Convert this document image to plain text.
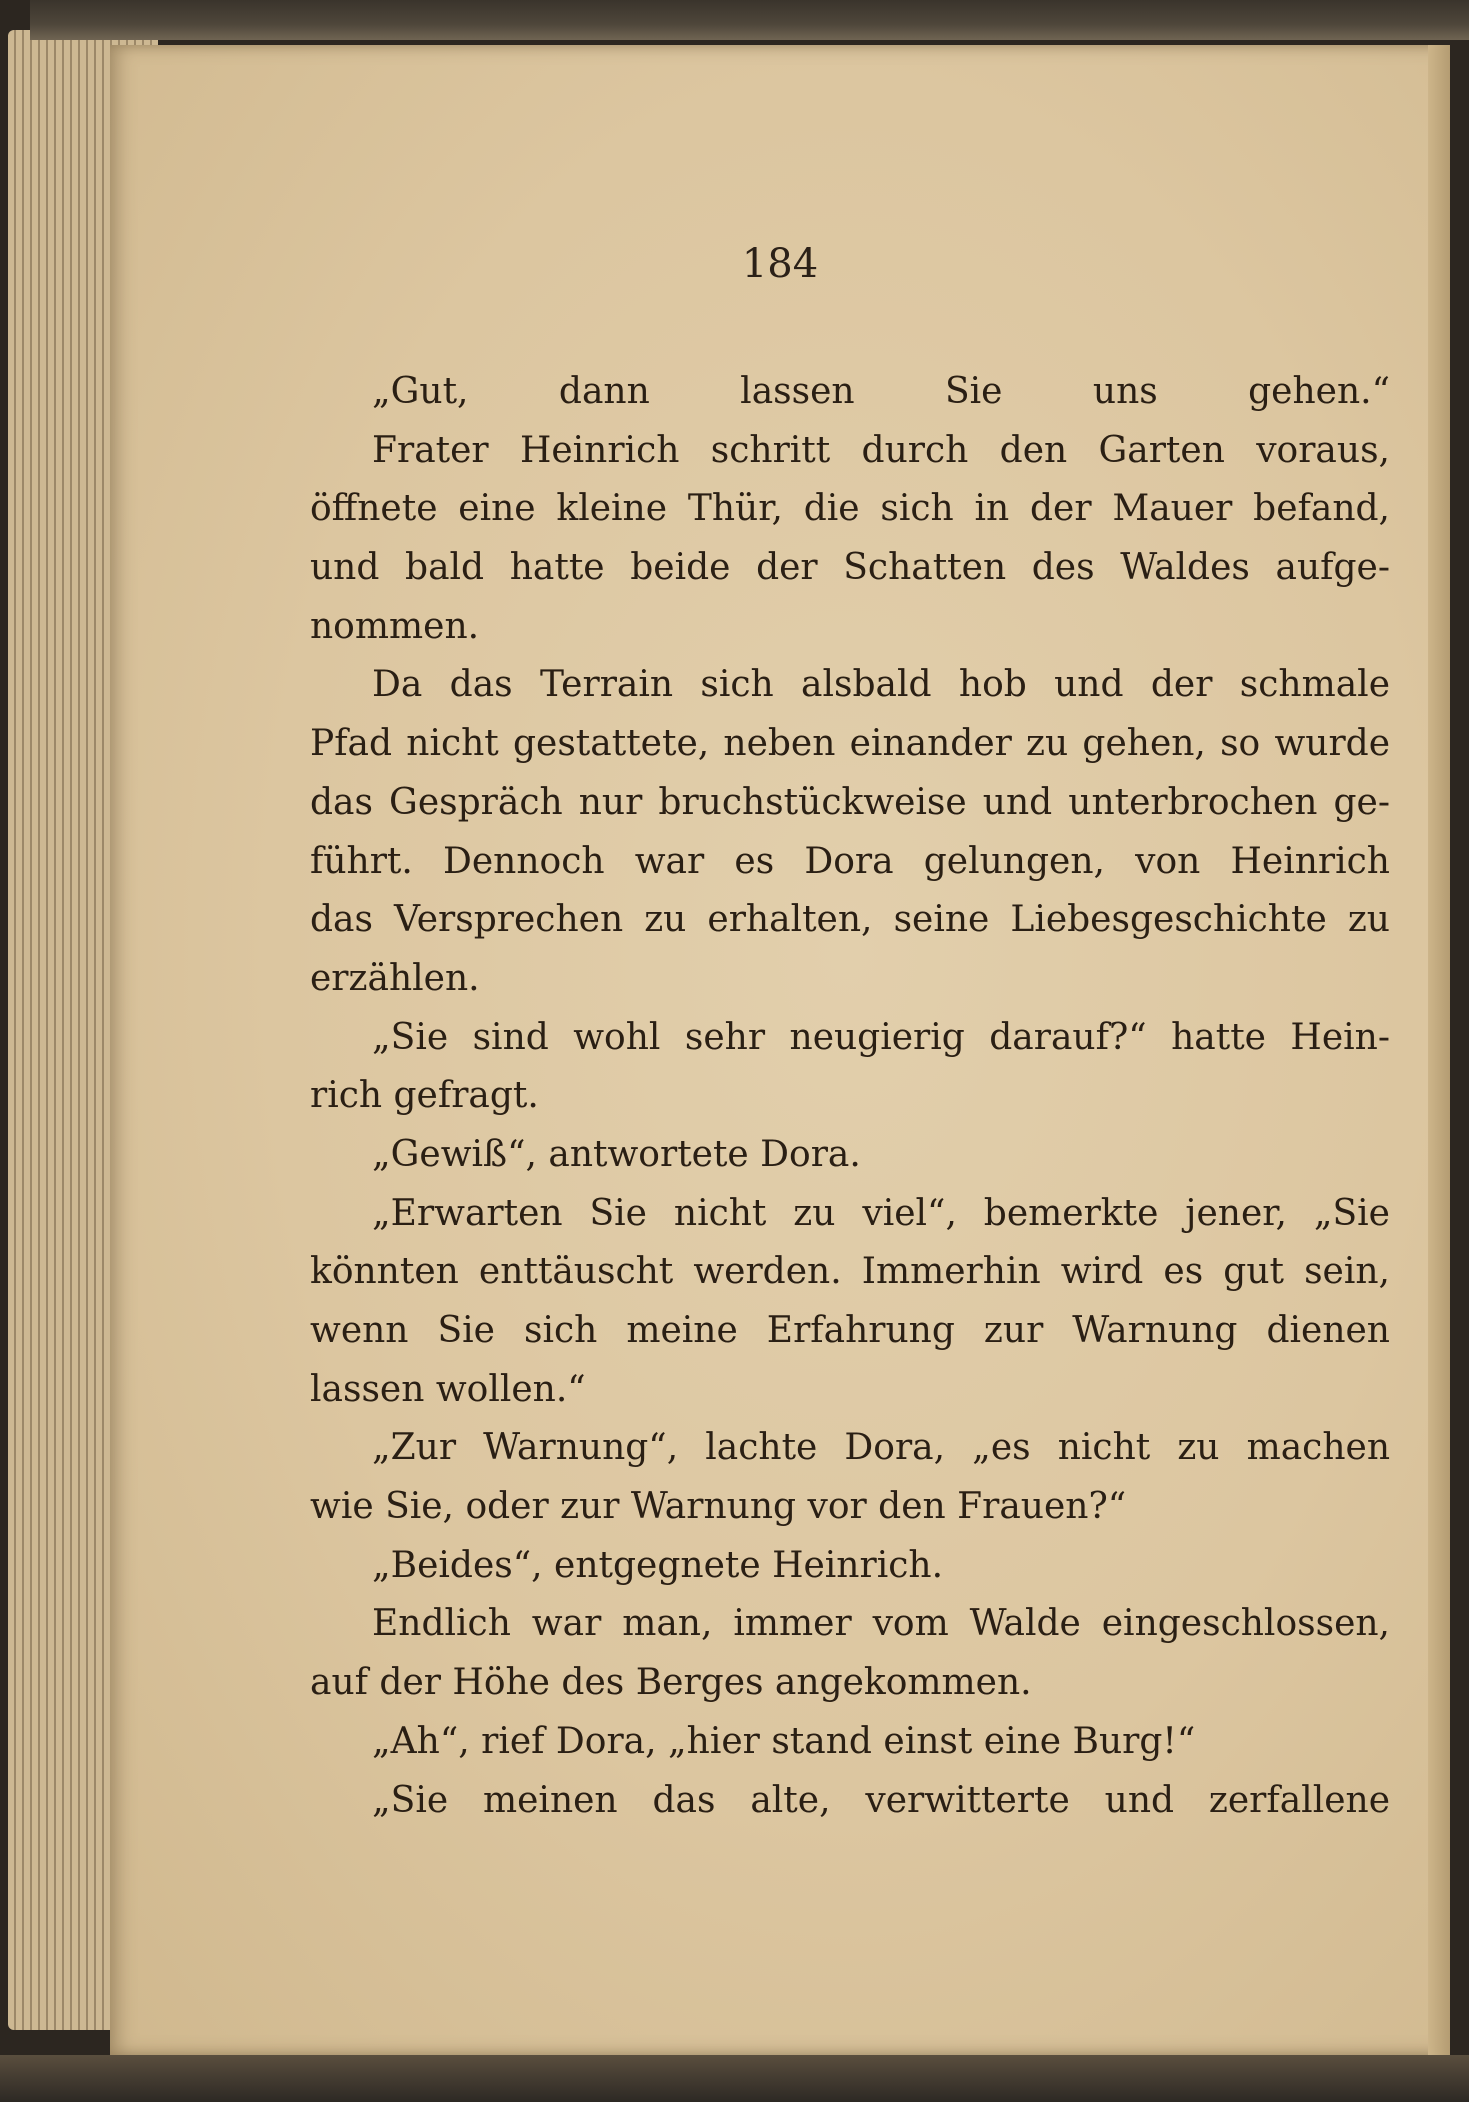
184
„Gut, dann lassen Sie uns gehen.“
Frater Heinrich schritt durch den Garten voraus,
öffnete eine kleine Thür, die sich in der Mauer befand,
und bald hatte beide der Schatten des Waldes aufge-
nommen.
Da das Terrain sich alsbald hob und der schmale
Pfad nicht gestattete, neben einander zu gehen, so wurde
das Gespräch nur bruchstückweise und unterbrochen ge-
führt. Dennoch war es Dora gelungen, von Heinrich
das Versprechen zu erhalten, seine Liebesgeschichte zu
erzählen.
„Sie sind wohl sehr neugierig darauf?“ hatte Hein-
rich gefragt.
„Gewiß“, antwortete Dora.
„Erwarten Sie nicht zu viel“, bemerkte jener, „Sie
könnten enttäuscht werden. Immerhin wird es gut sein,
wenn Sie sich meine Erfahrung zur Warnung dienen
lassen wollen.“
„Zur Warnung“, lachte Dora, „es nicht zu machen
wie Sie, oder zur Warnung vor den Frauen?“
„Beides“, entgegnete Heinrich.
Endlich war man, immer vom Walde eingeschlossen,
auf der Höhe des Berges angekommen.
„Ah“, rief Dora, „hier stand einst eine Burg!“
„Sie meinen das alte, verwitterte und zerfallene
